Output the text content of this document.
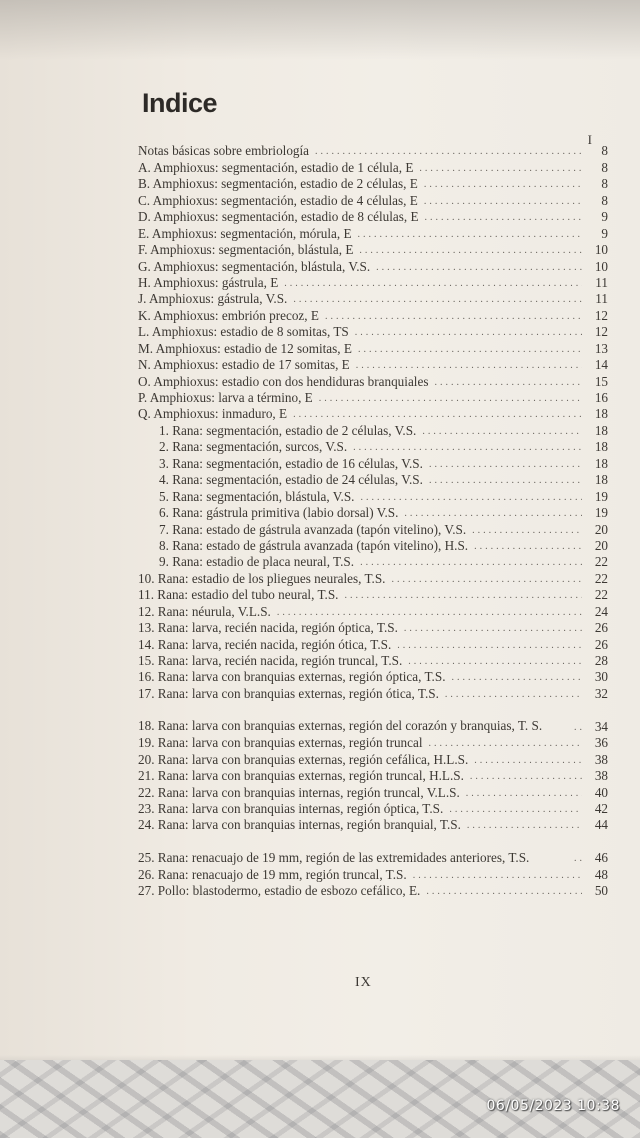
Indice
I
Notas básicas sobre embriología .....	8
A. Amphioxus: segmentación, estadio de 1 célula, E .....	8
B. Amphioxus: segmentación, estadio de 2 células, E .....	8
C. Amphioxus: segmentación, estadio de 4 células, E .....	8
D. Amphioxus: segmentación, estadio de 8 células, E .....	9
E. Amphioxus: segmentación, mórula, E .....	9
F. Amphioxus: segmentación, blástula, E .....	10
G. Amphioxus: segmentación, blástula, V.S. .....	10
H. Amphioxus: gástrula, E .....	11
J. Amphioxus: gástrula, V.S. .....	11
K. Amphioxus: embrión precoz, E .....	12
L. Amphioxus: estadio de 8 somitas, TS .....	12
M. Amphioxus: estadio de 12 somitas, E .....	13
N. Amphioxus: estadio de 17 somitas, E .....	14
O. Amphioxus: estadio con dos hendiduras branquiales .....	15
P. Amphioxus: larva a término, E .....	16
Q. Amphioxus: inmaduro, E .....	18
1. Rana: segmentación, estadio de 2 células, V.S. .....	18
2. Rana: segmentación, surcos, V.S. .....	18
3. Rana: segmentación, estadio de 16 células, V.S. .....	18
4. Rana: segmentación, estadio de 24 células, V.S. .....	18
5. Rana: segmentación, blástula, V.S. .....	19
6. Rana: gástrula primitiva (labio dorsal) V.S. .....	19
7. Rana: estado de gástrula avanzada (tapón vitelino), V.S. .....	20
8. Rana: estado de gástrula avanzada (tapón vitelino), H.S. .....	20
9. Rana: estadio de placa neural, T.S. .....	22
10. Rana: estadio de los pliegues neurales, T.S. .....	22
11. Rana: estadio del tubo neural, T.S. .....	22
12. Rana: néurula, V.L.S. .....	24
13. Rana: larva, recién nacida, región óptica, T.S. .....	26
14. Rana: larva, recién nacida, región ótica, T.S. .....	26
15. Rana: larva, recién nacida, región truncal, T.S. .....	28
16. Rana: larva con branquias externas, región óptica, T.S. .....	30
17. Rana: larva con branquias externas, región ótica, T.S. .....	32
18. Rana: larva con branquias externas, región del corazón y branquias, T. S. .....	34
19. Rana: larva con branquias externas, región truncal .....	36
20. Rana: larva con branquias externas, región cefálica, H.L.S. .....	38
21. Rana: larva con branquias externas, región truncal, H.L.S. .....	38
22. Rana: larva con branquias internas, región truncal, V.L.S. .....	40
23. Rana: larva con branquias internas, región óptica, T.S. .....	42
24. Rana: larva con branquias internas, región branquial, T.S. .....	44
25. Rana: renacuajo de 19 mm, región de las extremidades anteriores, T.S. .....	46
26. Rana: renacuajo de 19 mm, región truncal, T.S. .....	48
27. Pollo: blastodermo, estadio de esbozo cefálico, E. .....	50
IX
06/05/2023 10:38
